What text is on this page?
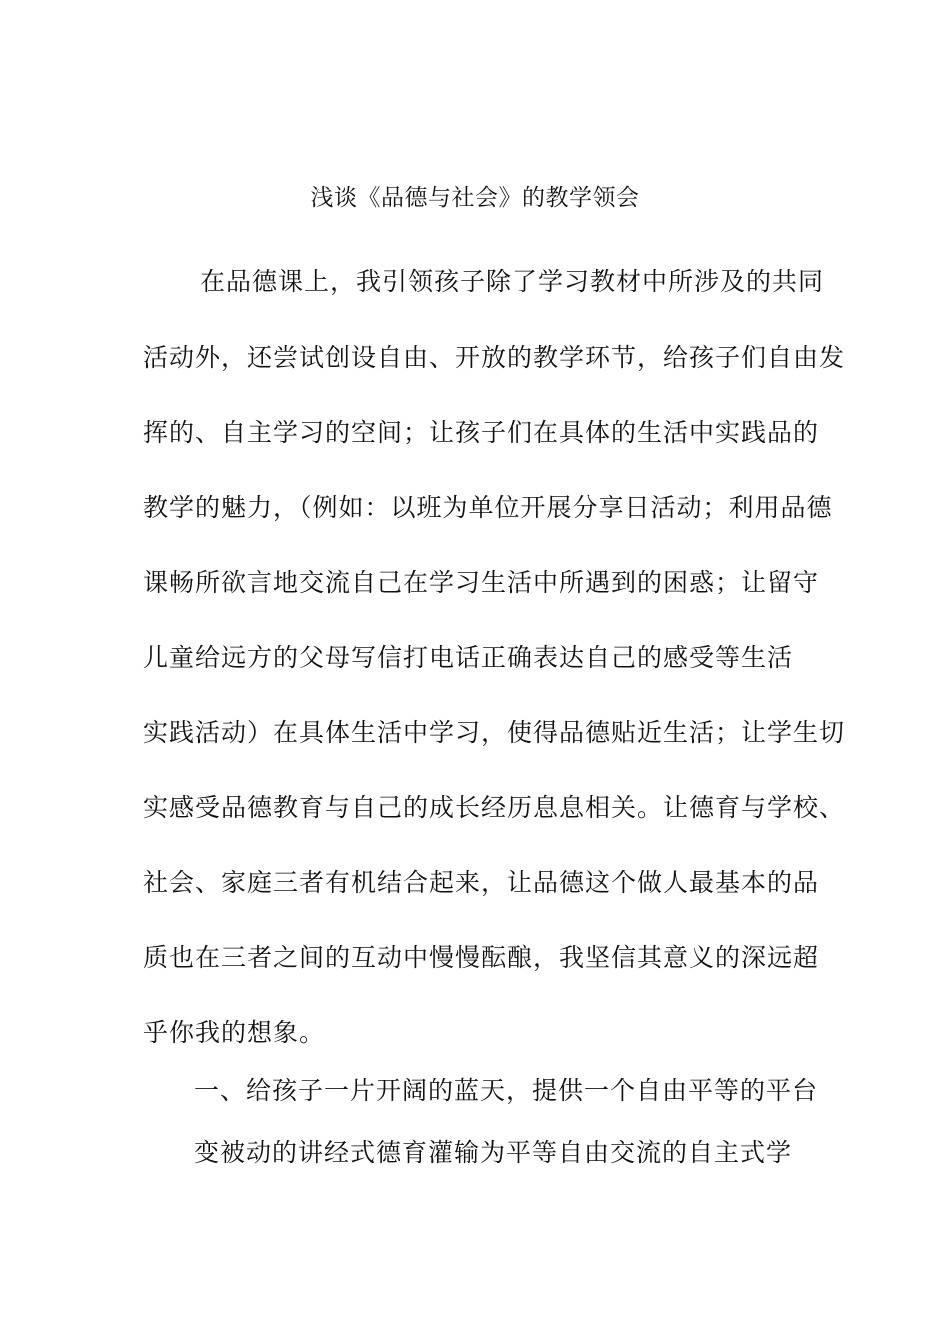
浅谈《品德与社会》的教学领会
在品德课上，我引领孩子除了学习教材中所涉及的共同
活动外，还尝试创设自由、开放的教学环节，给孩子们自由发
挥的、自主学习的空间；让孩子们在具体的生活中实践品的
教学的魅力，（例如：以班为单位开展分享日活动；利用品德
课畅所欲言地交流自己在学习生活中所遇到的困惑；让留守
儿童给远方的父母写信打电话正确表达自己的感受等生活
实践活动）在具体生活中学习，使得品德贴近生活；让学生切
实感受品德教育与自己的成长经历息息相关。让德育与学校、
社会、家庭三者有机结合起来，让品德这个做人最基本的品
质也在三者之间的互动中慢慢酝酿，我坚信其意义的深远超
乎你我的想象。
一、给孩子一片开阔的蓝天，提供一个自由平等的平台
变被动的讲经式德育灌输为平等自由交流的自主式学
